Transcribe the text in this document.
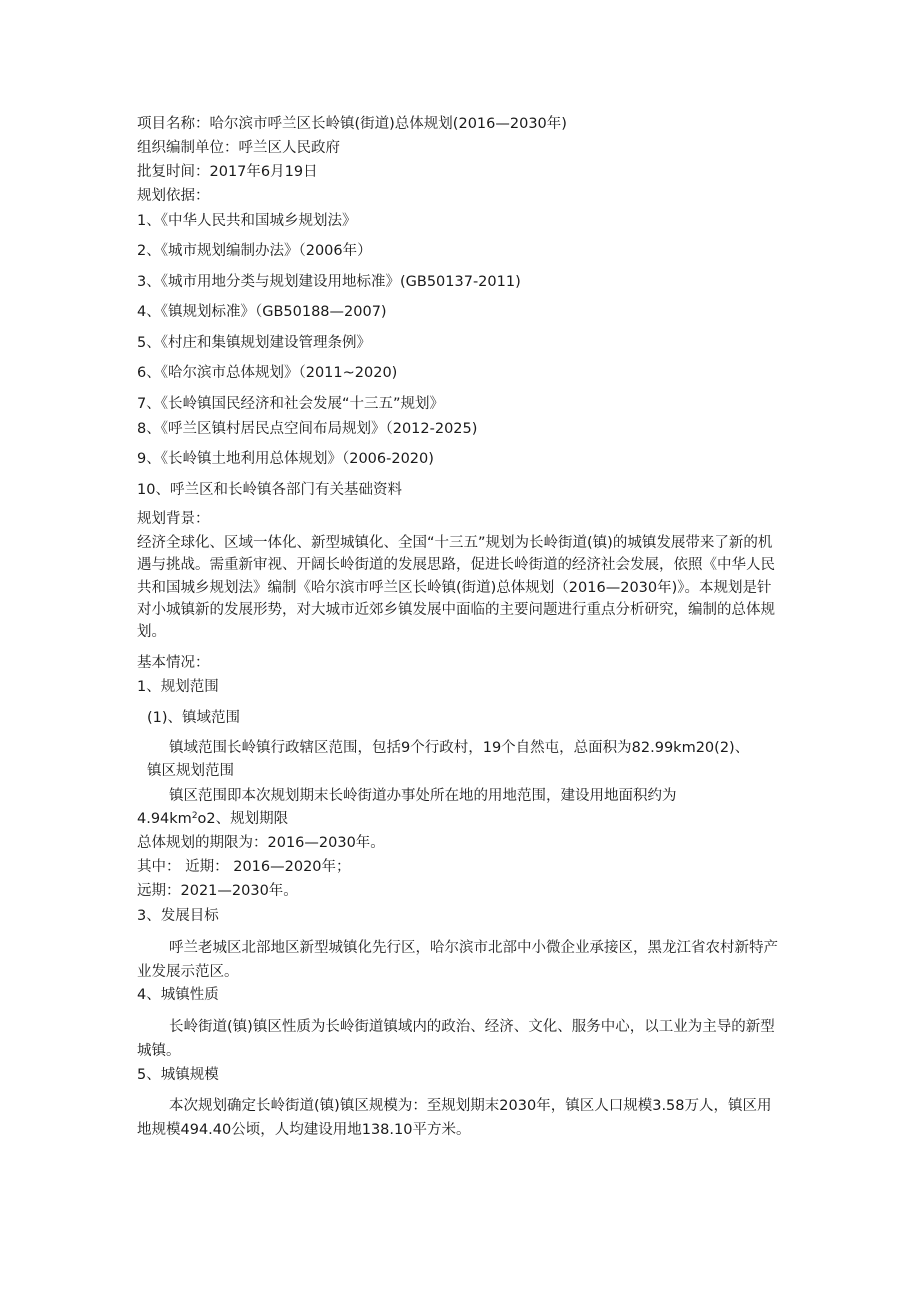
项目名称：哈尔滨市呼兰区长岭镇(街道)总体规划(2016—2030年)

组织编制单位：呼兰区人民政府

批复时间：2017年6月19日

规划依据：

1、《中华人民共和国城乡规划法》

2、《城市规划编制办法》（2006年）

3、《城市用地分类与规划建设用地标准》(GB50137-2011)

4、《镇规划标准》（GB50188—2007)

5、《村庄和集镇规划建设管理条例》

6、《哈尔滨市总体规划》（2011~2020)

7、《长岭镇国民经济和社会发展“十三五”规划》

8、《呼兰区镇村居民点空间布局规划》（2012-2025)

9、《长岭镇土地利用总体规划》（2006-2020)

10、呼兰区和长岭镇各部门有关基础资料

规划背景：

经济全球化、区域一体化、新型城镇化、全国“十三五”规划为长岭街道(镇)的城镇发展带来了新的机遇与挑战。需重新审视、开阔长岭街道的发展思路，促进长岭街道的经济社会发展，依照《中华人民共和国城乡规划法》编制《哈尔滨市呼兰区长岭镇(街道)总体规划（2016—2030年)》。本规划是针对小城镇新的发展形势，对大城市近郊乡镇发展中面临的主要问题进行重点分析研究，编制的总体规划。

基本情况：

1、规划范围

(1)、镇域范围

镇域范围长岭镇行政辖区范围，包括9个行政村，19个自然屯，总面积为82.99km20(2)、

镇区规划范围

镇区范围即本次规划期末长岭街道办事处所在地的用地范围，建设用地面积约为

$4.94km^2o2$、规划期限

总体规划的期限为：2016—2030年。

其中： 近期： 2016—2020年；

远期：2021—2030年。

3、发展目标

呼兰老城区北部地区新型城镇化先行区，哈尔滨市北部中小微企业承接区，黑龙江省农村新特产业发展示范区。

4、城镇性质

长岭街道(镇)镇区性质为长岭街道镇域内的政治、经济、文化、服务中心，以工业为主导的新型城镇。

5、城镇规模

本次规划确定长岭街道(镇)镇区规模为：至规划期末2030年，镇区人口规模3.58万人，镇区用地规模494.40公顷，人均建设用地138.10平方米。
